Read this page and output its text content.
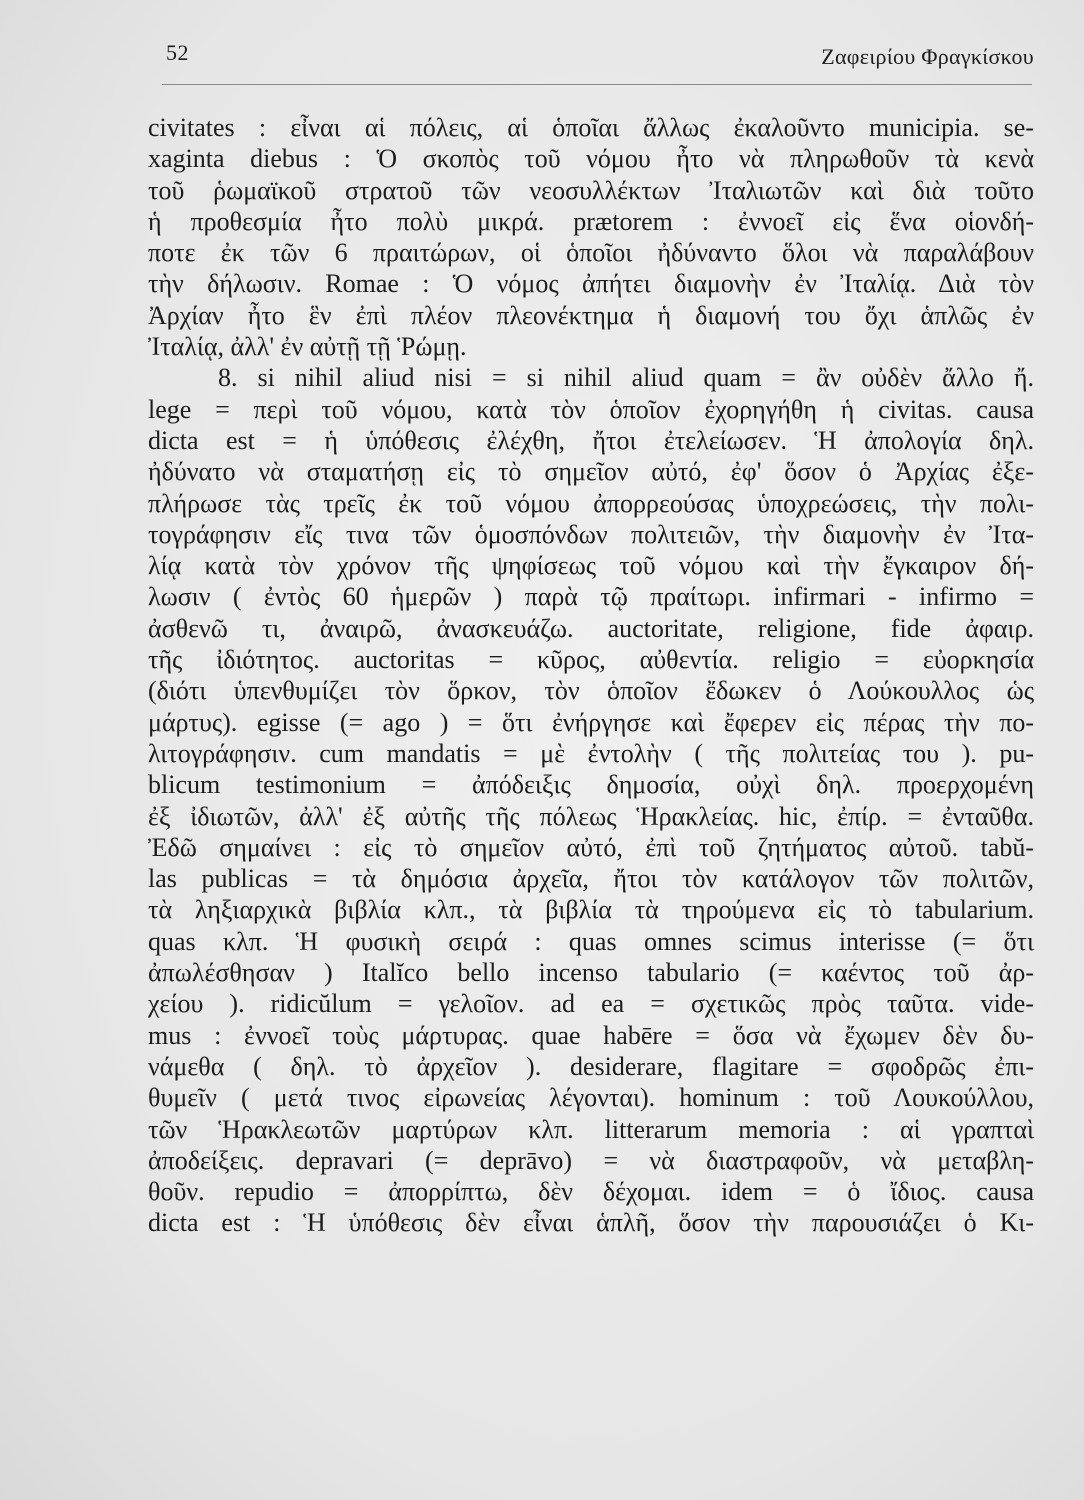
52	Ζαφειρίου Φραγκίσκου
civitates : εἶναι αἱ πόλεις, αἱ ὁποῖαι ἄλλως ἐκαλοῦντο municipia. se-
xaginta diebus : Ὁ σκοπὸς τοῦ νόμου ἦτο νὰ πληρωθοῦν τὰ κενὰ
τοῦ ῥωμαϊκοῦ στρατοῦ τῶν νεοσυλλέκτων Ἰταλιωτῶν καὶ διὰ τοῦτο
ἡ προθεσμία ἦτο πολὺ μικρά. prætorem : ἐννοεῖ εἰς ἕνα οἱονδή-
ποτε ἐκ τῶν 6 πραιτώρων, οἱ ὁποῖοι ἠδύναντο ὅλοι νὰ παραλάβουν
τὴν δήλωσιν. Romae : Ὁ νόμος ἀπήτει διαμονὴν ἐν Ἰταλίᾳ. Διὰ τὸν
Ἀρχίαν ἦτο ἓν ἐπὶ πλέον πλεονέκτημα ἡ διαμονή του ὄχι ἁπλῶς ἐν
Ἰταλίᾳ, ἀλλ' ἐν αὐτῇ τῇ Ῥώμῃ.
8. si nihil aliud nisi = si nihil aliud quam = ἂν οὐδὲν ἄλλο ἤ.
lege = περὶ τοῦ νόμου, κατὰ τὸν ὁποῖον ἐχορηγήθη ἡ civitas. causa
dicta est = ἡ ὑπόθεσις ἐλέχθη, ἤτοι ἐτελείωσεν. Ἡ ἀπολογία δηλ.
ἠδύνατο νὰ σταματήσῃ εἰς τὸ σημεῖον αὐτό, ἐφ' ὅσον ὁ Ἀρχίας ἐξε-
πλήρωσε τὰς τρεῖς ἐκ τοῦ νόμου ἀπορρεούσας ὑποχρεώσεις, τὴν πολι-
τογράφησιν εἴς τινα τῶν ὁμοσπόνδων πολιτειῶν, τὴν διαμονὴν ἐν Ἰτα-
λίᾳ κατὰ τὸν χρόνον τῆς ψηφίσεως τοῦ νόμου καὶ τὴν ἔγκαιρον δή-
λωσιν ( ἐντὸς 60 ἡμερῶν ) παρὰ τῷ πραίτωρι. infirmari - infirmo =
ἀσθενῶ τι, ἀναιρῶ, ἀνασκευάζω. auctoritate, religione, fide ἀφαιρ.
τῆς ἰδιότητος. auctoritas = κῦρος, αὐθεντία. religio = εὐορκησία
(διότι ὑπενθυμίζει τὸν ὅρκον, τὸν ὁποῖον ἔδωκεν ὁ Λούκουλλος ὡς
μάρτυς). egisse (= ago ) = ὅτι ἐνήργησε καὶ ἔφερεν εἰς πέρας τὴν πο-
λιτογράφησιν. cum mandatis = μὲ ἐντολὴν ( τῆς πολιτείας του ). pu-
blicum testimonium = ἀπόδειξις δημοσία, οὐχὶ δηλ. προερχομένη
ἐξ ἰδιωτῶν, ἀλλ' ἐξ αὐτῆς τῆς πόλεως Ἡρακλείας. hic, ἐπίρ. = ἐνταῦθα.
Ἐδῶ σημαίνει : εἰς τὸ σημεῖον αὐτό, ἐπὶ τοῦ ζητήματος αὐτοῦ. tabŭ-
las publicas = τὰ δημόσια ἀρχεῖα, ἤτοι τὸν κατάλογον τῶν πολιτῶν,
τὰ ληξιαρχικὰ βιβλία κλπ., τὰ βιβλία τὰ τηρούμενα εἰς τὸ tabularium.
quas κλπ. Ἡ φυσικὴ σειρά : quas omnes scimus interisse (= ὅτι
ἀπωλέσθησαν ) Italĭco bello incenso tabulario (= καέντος τοῦ ἀρ-
χείου ). ridicŭlum = γελοῖον. ad ea = σχετικῶς πρὸς ταῦτα. vide-
mus : ἐννοεῖ τοὺς μάρτυρας. quae habēre = ὅσα νὰ ἔχωμεν δὲν δυ-
νάμεθα ( δηλ. τὸ ἀρχεῖον ). desiderare, flagitare = σφοδρῶς ἐπι-
θυμεῖν ( μετά τινος εἰρωνείας λέγονται). hominum : τοῦ Λουκούλλου,
τῶν Ἡρακλεωτῶν μαρτύρων κλπ. litterarum memoria : αἱ γραπταὶ
ἀποδείξεις. depravari (= deprāvo) = νὰ διαστραφοῦν, νὰ μεταβλη-
θοῦν. repudio = ἀπορρίπτω, δὲν δέχομαι. idem = ὁ ἴδιος. causa
dicta est : Ἡ ὑπόθεσις δὲν εἶναι ἁπλῆ, ὅσον τὴν παρουσιάζει ὁ Κι-
